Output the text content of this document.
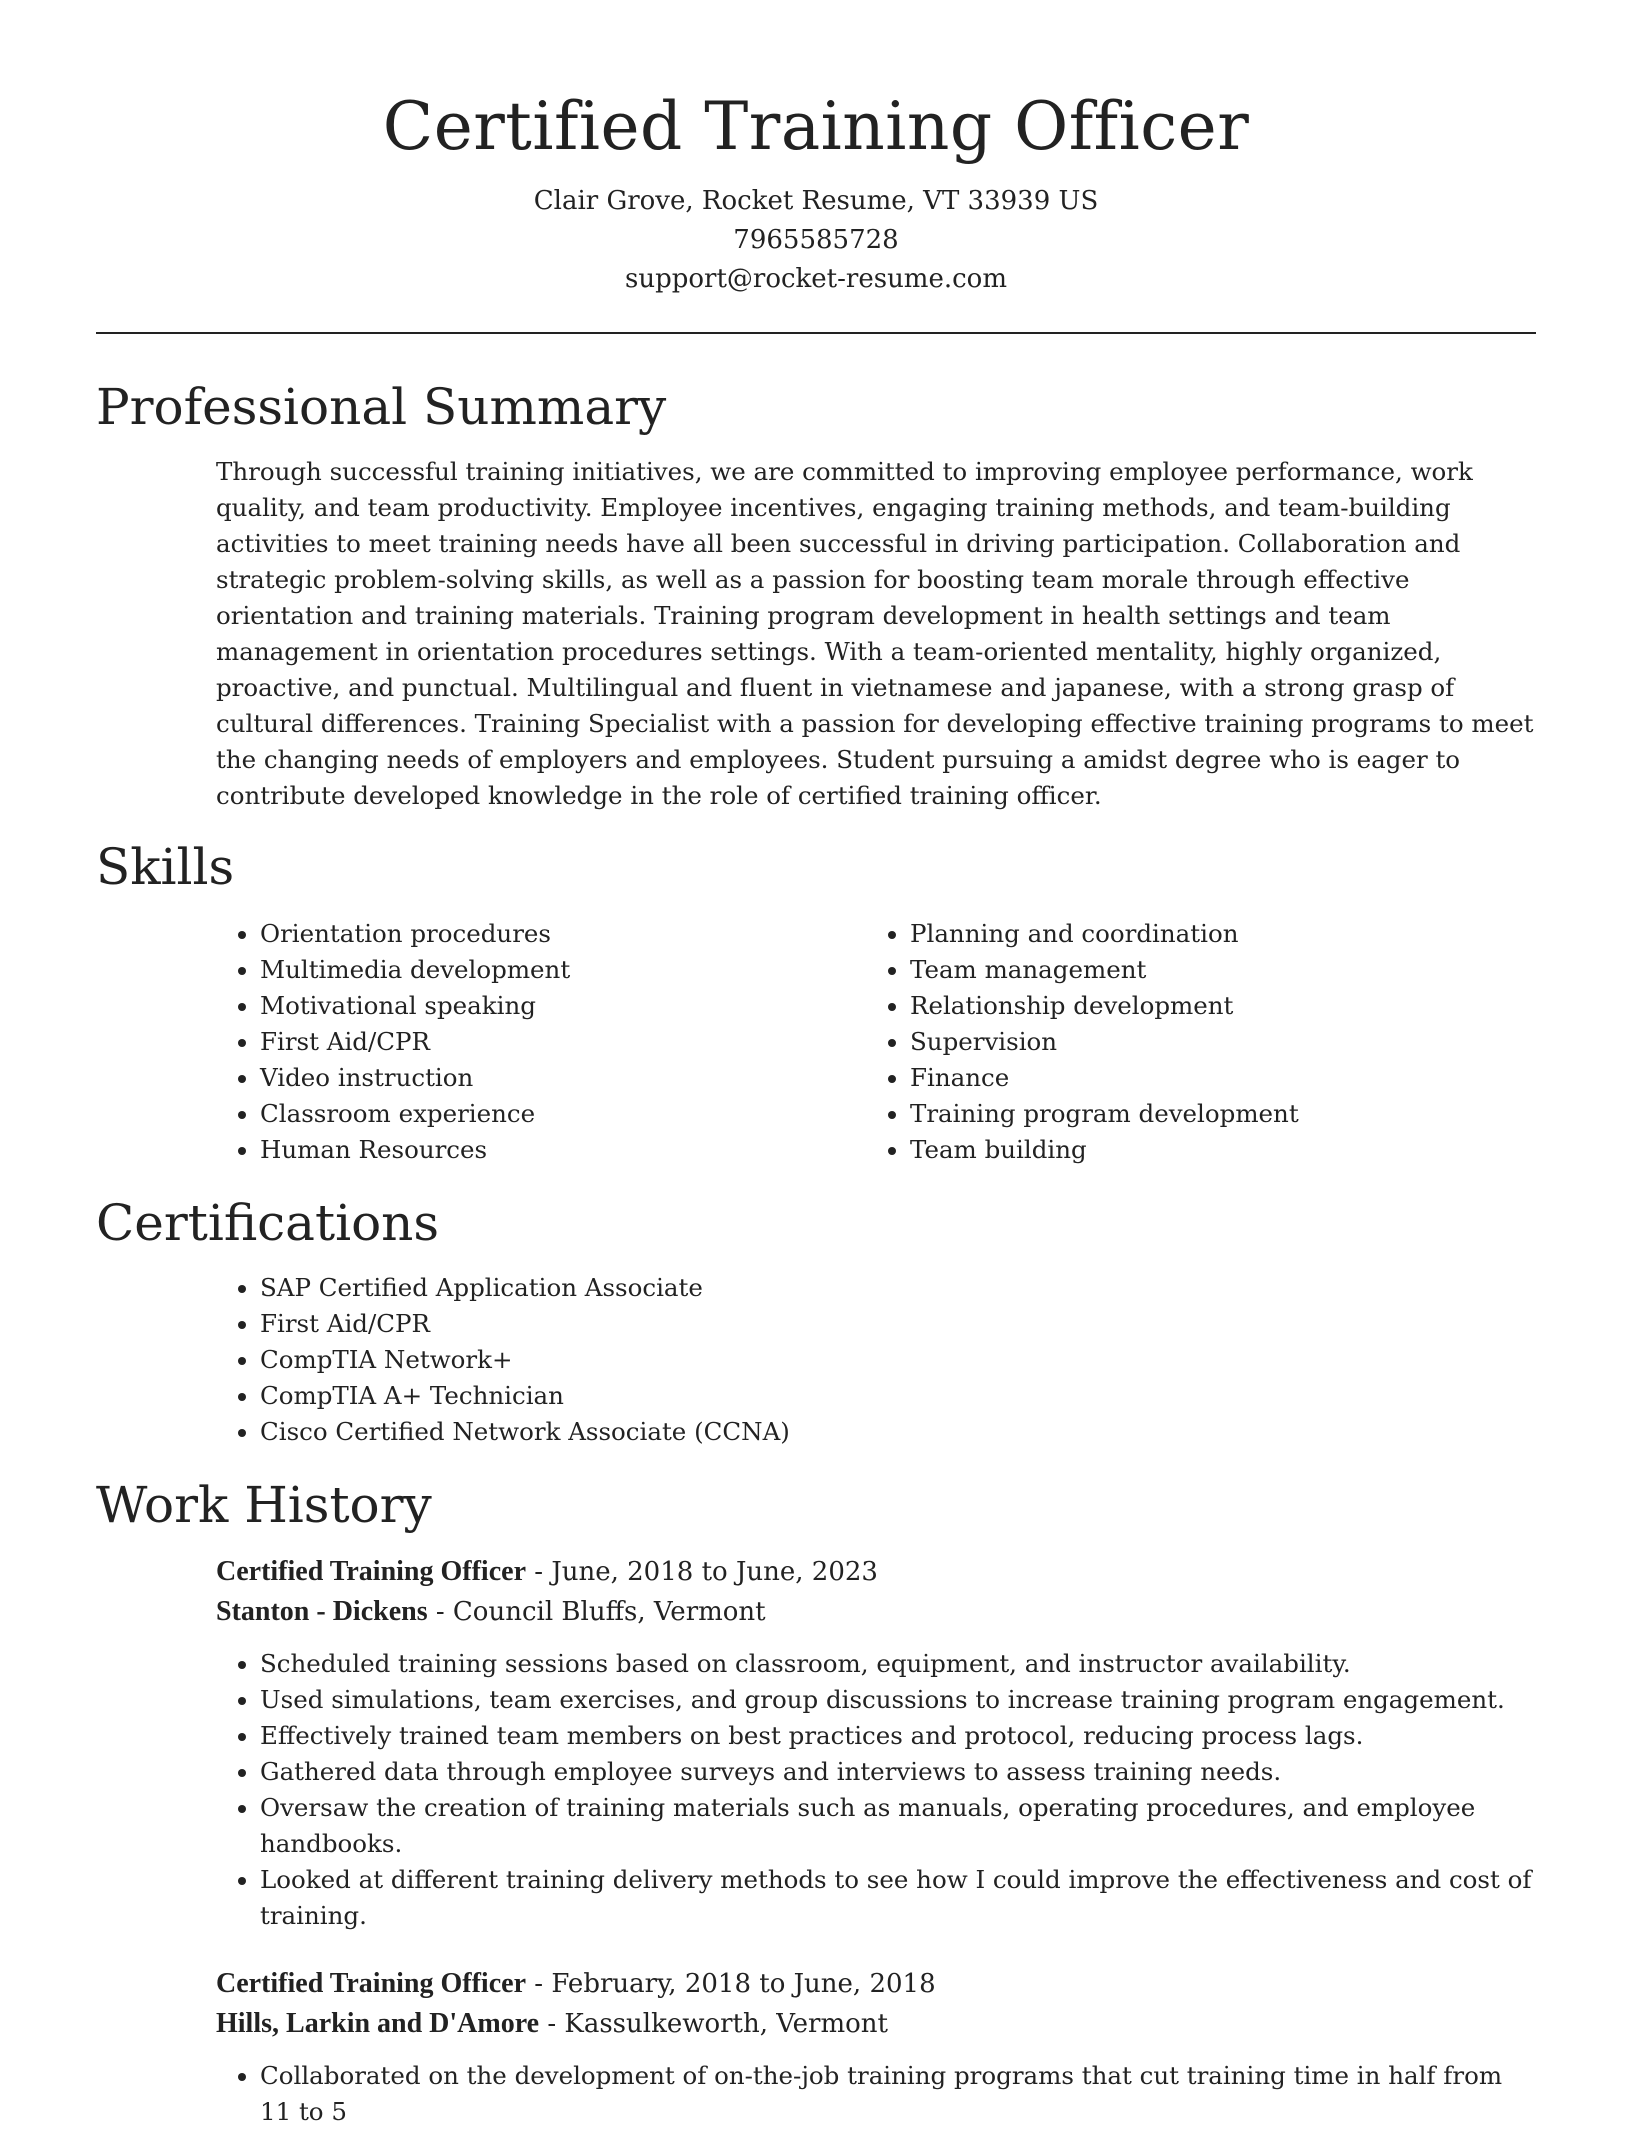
Certified Training Officer
Clair Grove, Rocket Resume, VT 33939 US
7965585728
support@rocket-resume.com
Professional Summary

Through successful training initiatives, we are committed to improving employee performance, work quality, and team productivity. Employee incentives, engaging training methods, and team-building activities to meet training needs have all been successful in driving participation. Collaboration and strategic problem-solving skills, as well as a passion for boosting team morale through effective orientation and training materials. Training program development in health settings and team management in orientation procedures settings. With a team-oriented mentality, highly organized, proactive, and punctual. Multilingual and fluent in vietnamese and japanese, with a strong grasp of cultural differences. Training Specialist with a passion for developing effective training programs to meet the changing needs of employers and employees. Student pursuing a amidst degree who is eager to contribute developed knowledge in the role of certified training officer.

Skills
• Orientation procedures
• Multimedia development
• Motivational speaking
• First Aid/CPR
• Video instruction
• Classroom experience
• Human Resources
• Planning and coordination
• Team management
• Relationship development
• Supervision
• Finance
• Training program development
• Team building
Certifications
• SAP Certified Application Associate
• First Aid/CPR
• CompTIA Network+
• CompTIA A+ Technician
• Cisco Certified Network Associate (CCNA)
Work History
Certified Training Officer - June, 2018 to June, 2023
Stanton - Dickens - Council Bluffs, Vermont
• Scheduled training sessions based on classroom, equipment, and instructor availability.
• Used simulations, team exercises, and group discussions to increase training program engagement.
• Effectively trained team members on best practices and protocol, reducing process lags.
• Gathered data through employee surveys and interviews to assess training needs.
• Oversaw the creation of training materials such as manuals, operating procedures, and employee handbooks.
• Looked at different training delivery methods to see how I could improve the effectiveness and cost of training.
Certified Training Officer - February, 2018 to June, 2018
Hills, Larkin and D'Amore - Kassulkeworth, Vermont
• Collaborated on the development of on-the-job training programs that cut training time in half from 11 to 5
